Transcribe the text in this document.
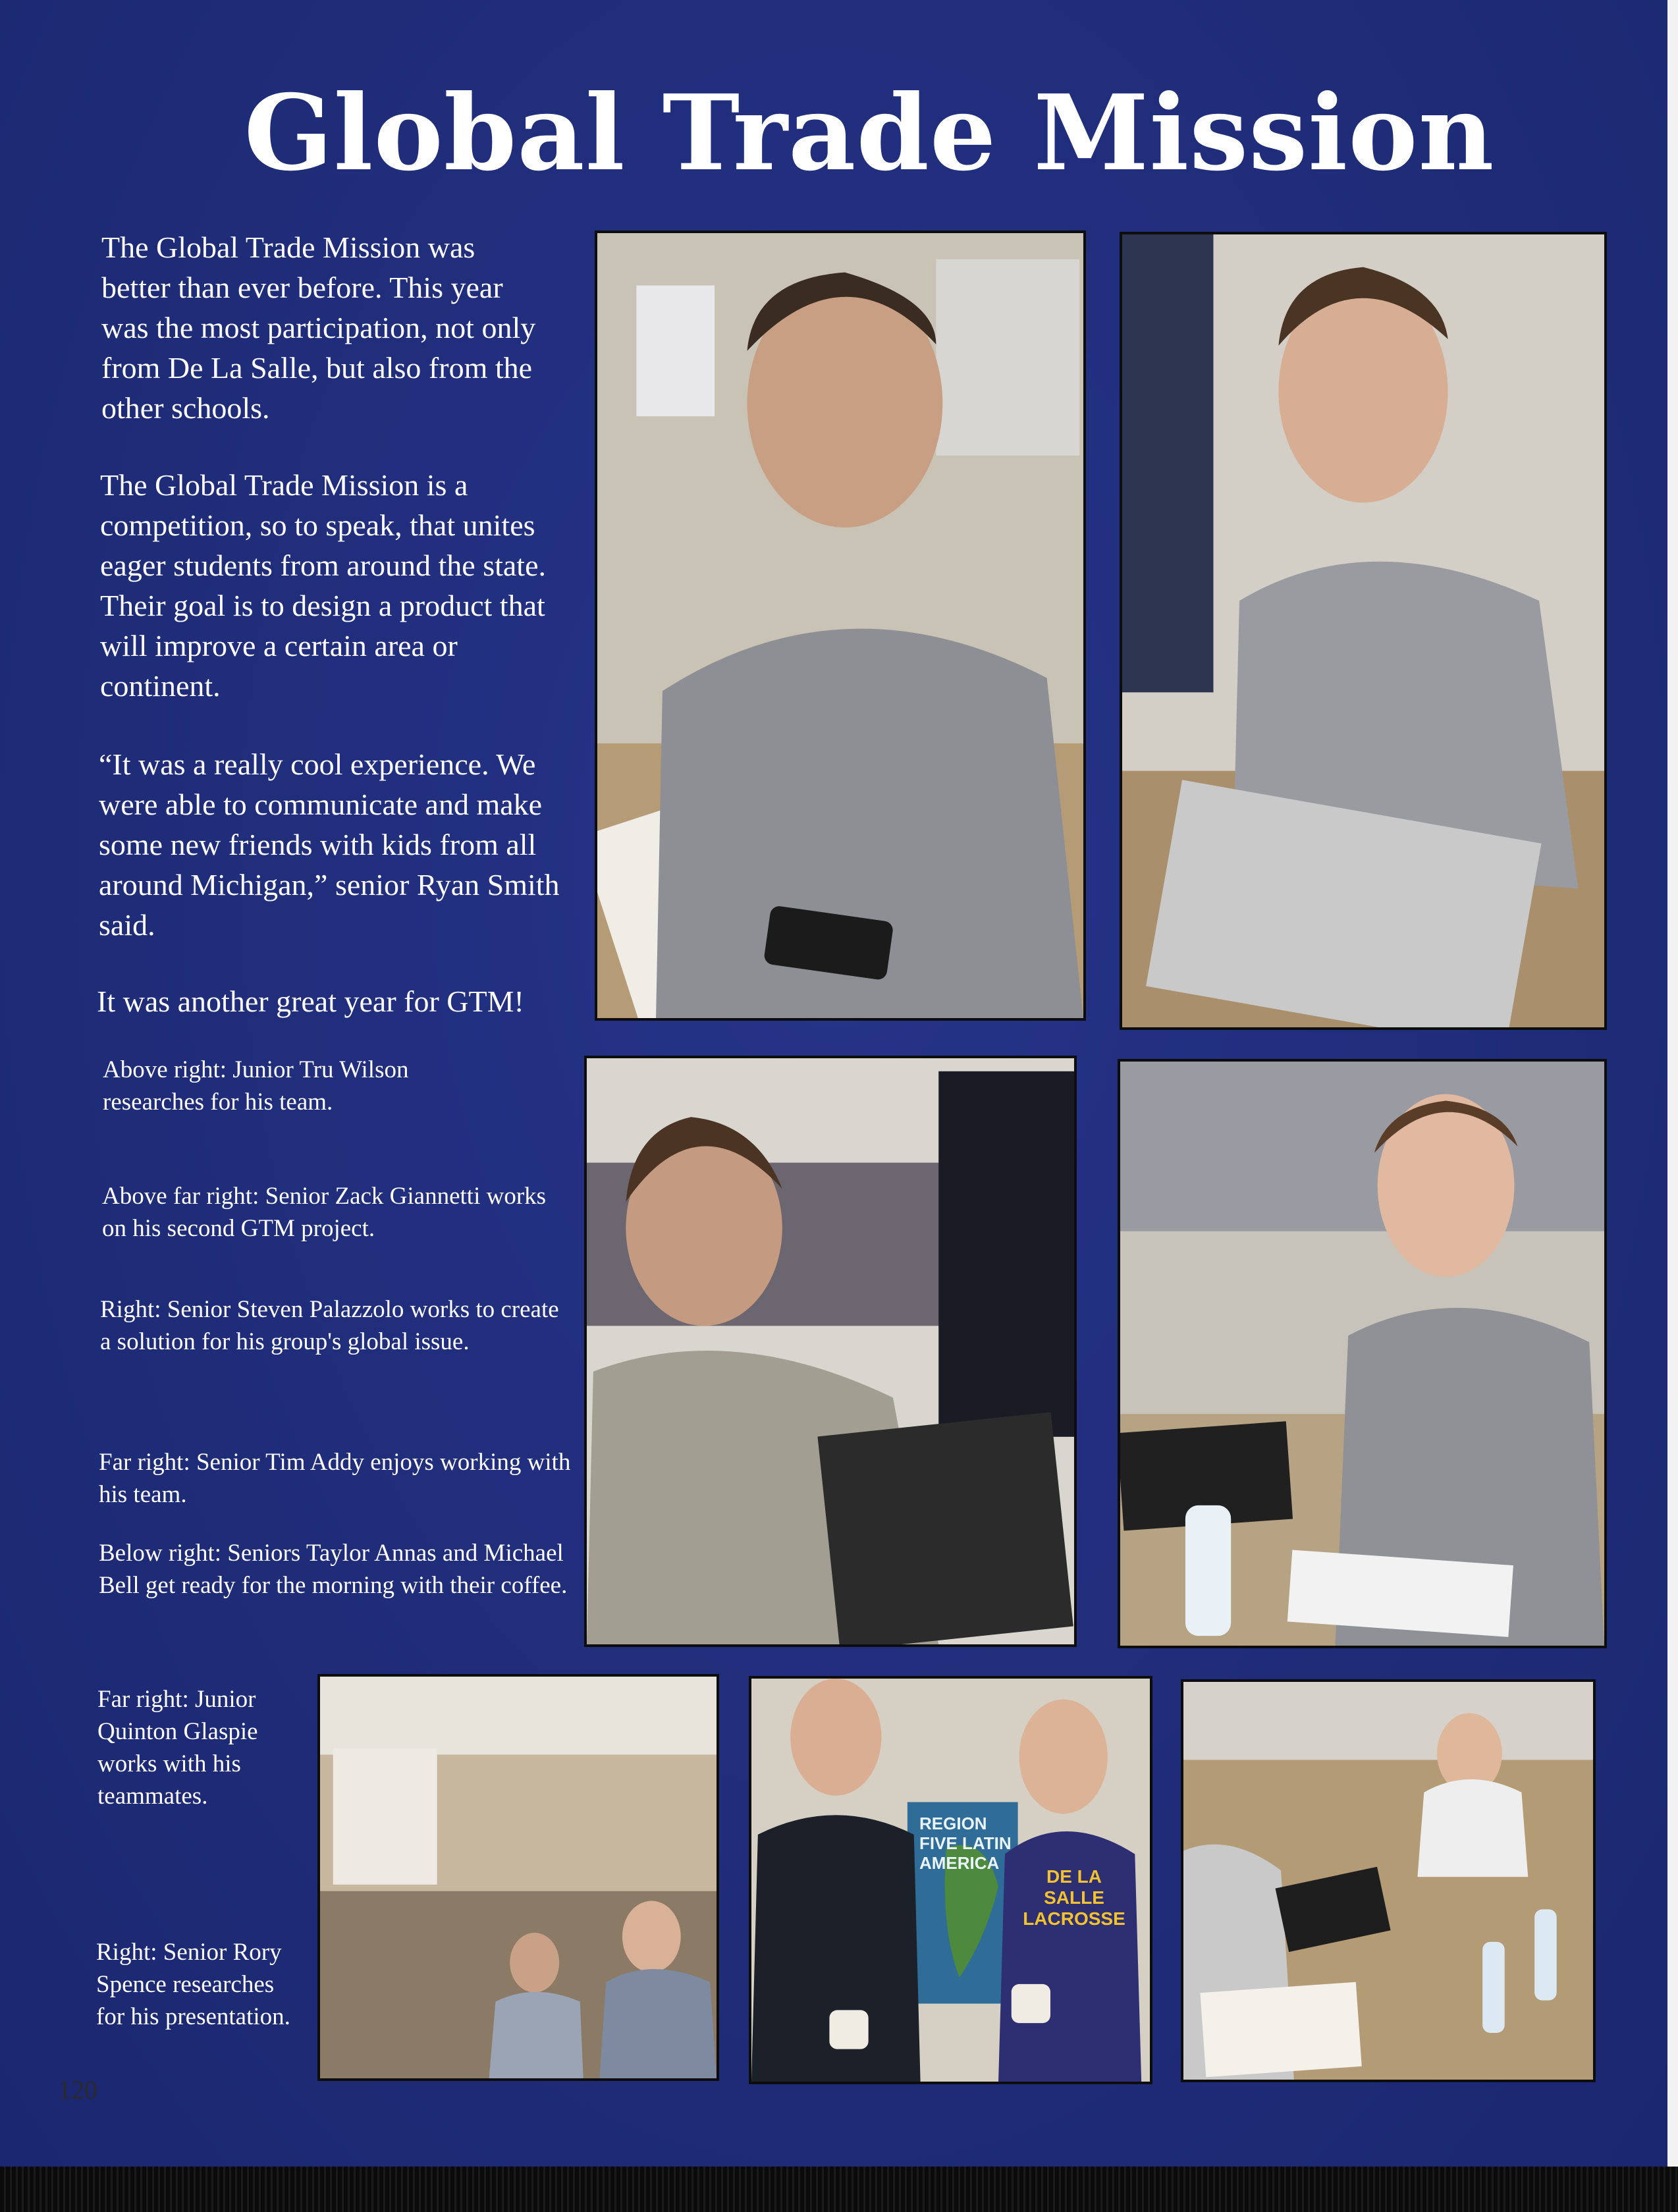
Global Trade Mission

The Global Trade Mission was better than ever before. This year was the most participation, not only from De La Salle, but also from the other schools.

The Global Trade Mission is a competition, so to speak, that unites eager students from around the state. Their goal is to design a product that will improve a certain area or continent.

“It was a really cool experience. We were able to communicate and make some new friends with kids from all around Michigan,” senior Ryan Smith said.

It was another great year for GTM!

Above right: Junior Tru Wilson researches for his team.

Above far right: Senior Zack Giannetti works on his second GTM project.

Right: Senior Steven Palazzolo works to create a solution for his group's global issue.

Far right: Senior Tim Addy enjoys working with his team.

Below right: Seniors Taylor Annas and Michael Bell get ready for the morning with their coffee.

Far right: Junior Quinton Glaspie works with his teammates.

Right: Senior Rory Spence researches for his presentation.

REGION FIVE LATIN AMERICA
DE LA SALLE LACROSSE
120
